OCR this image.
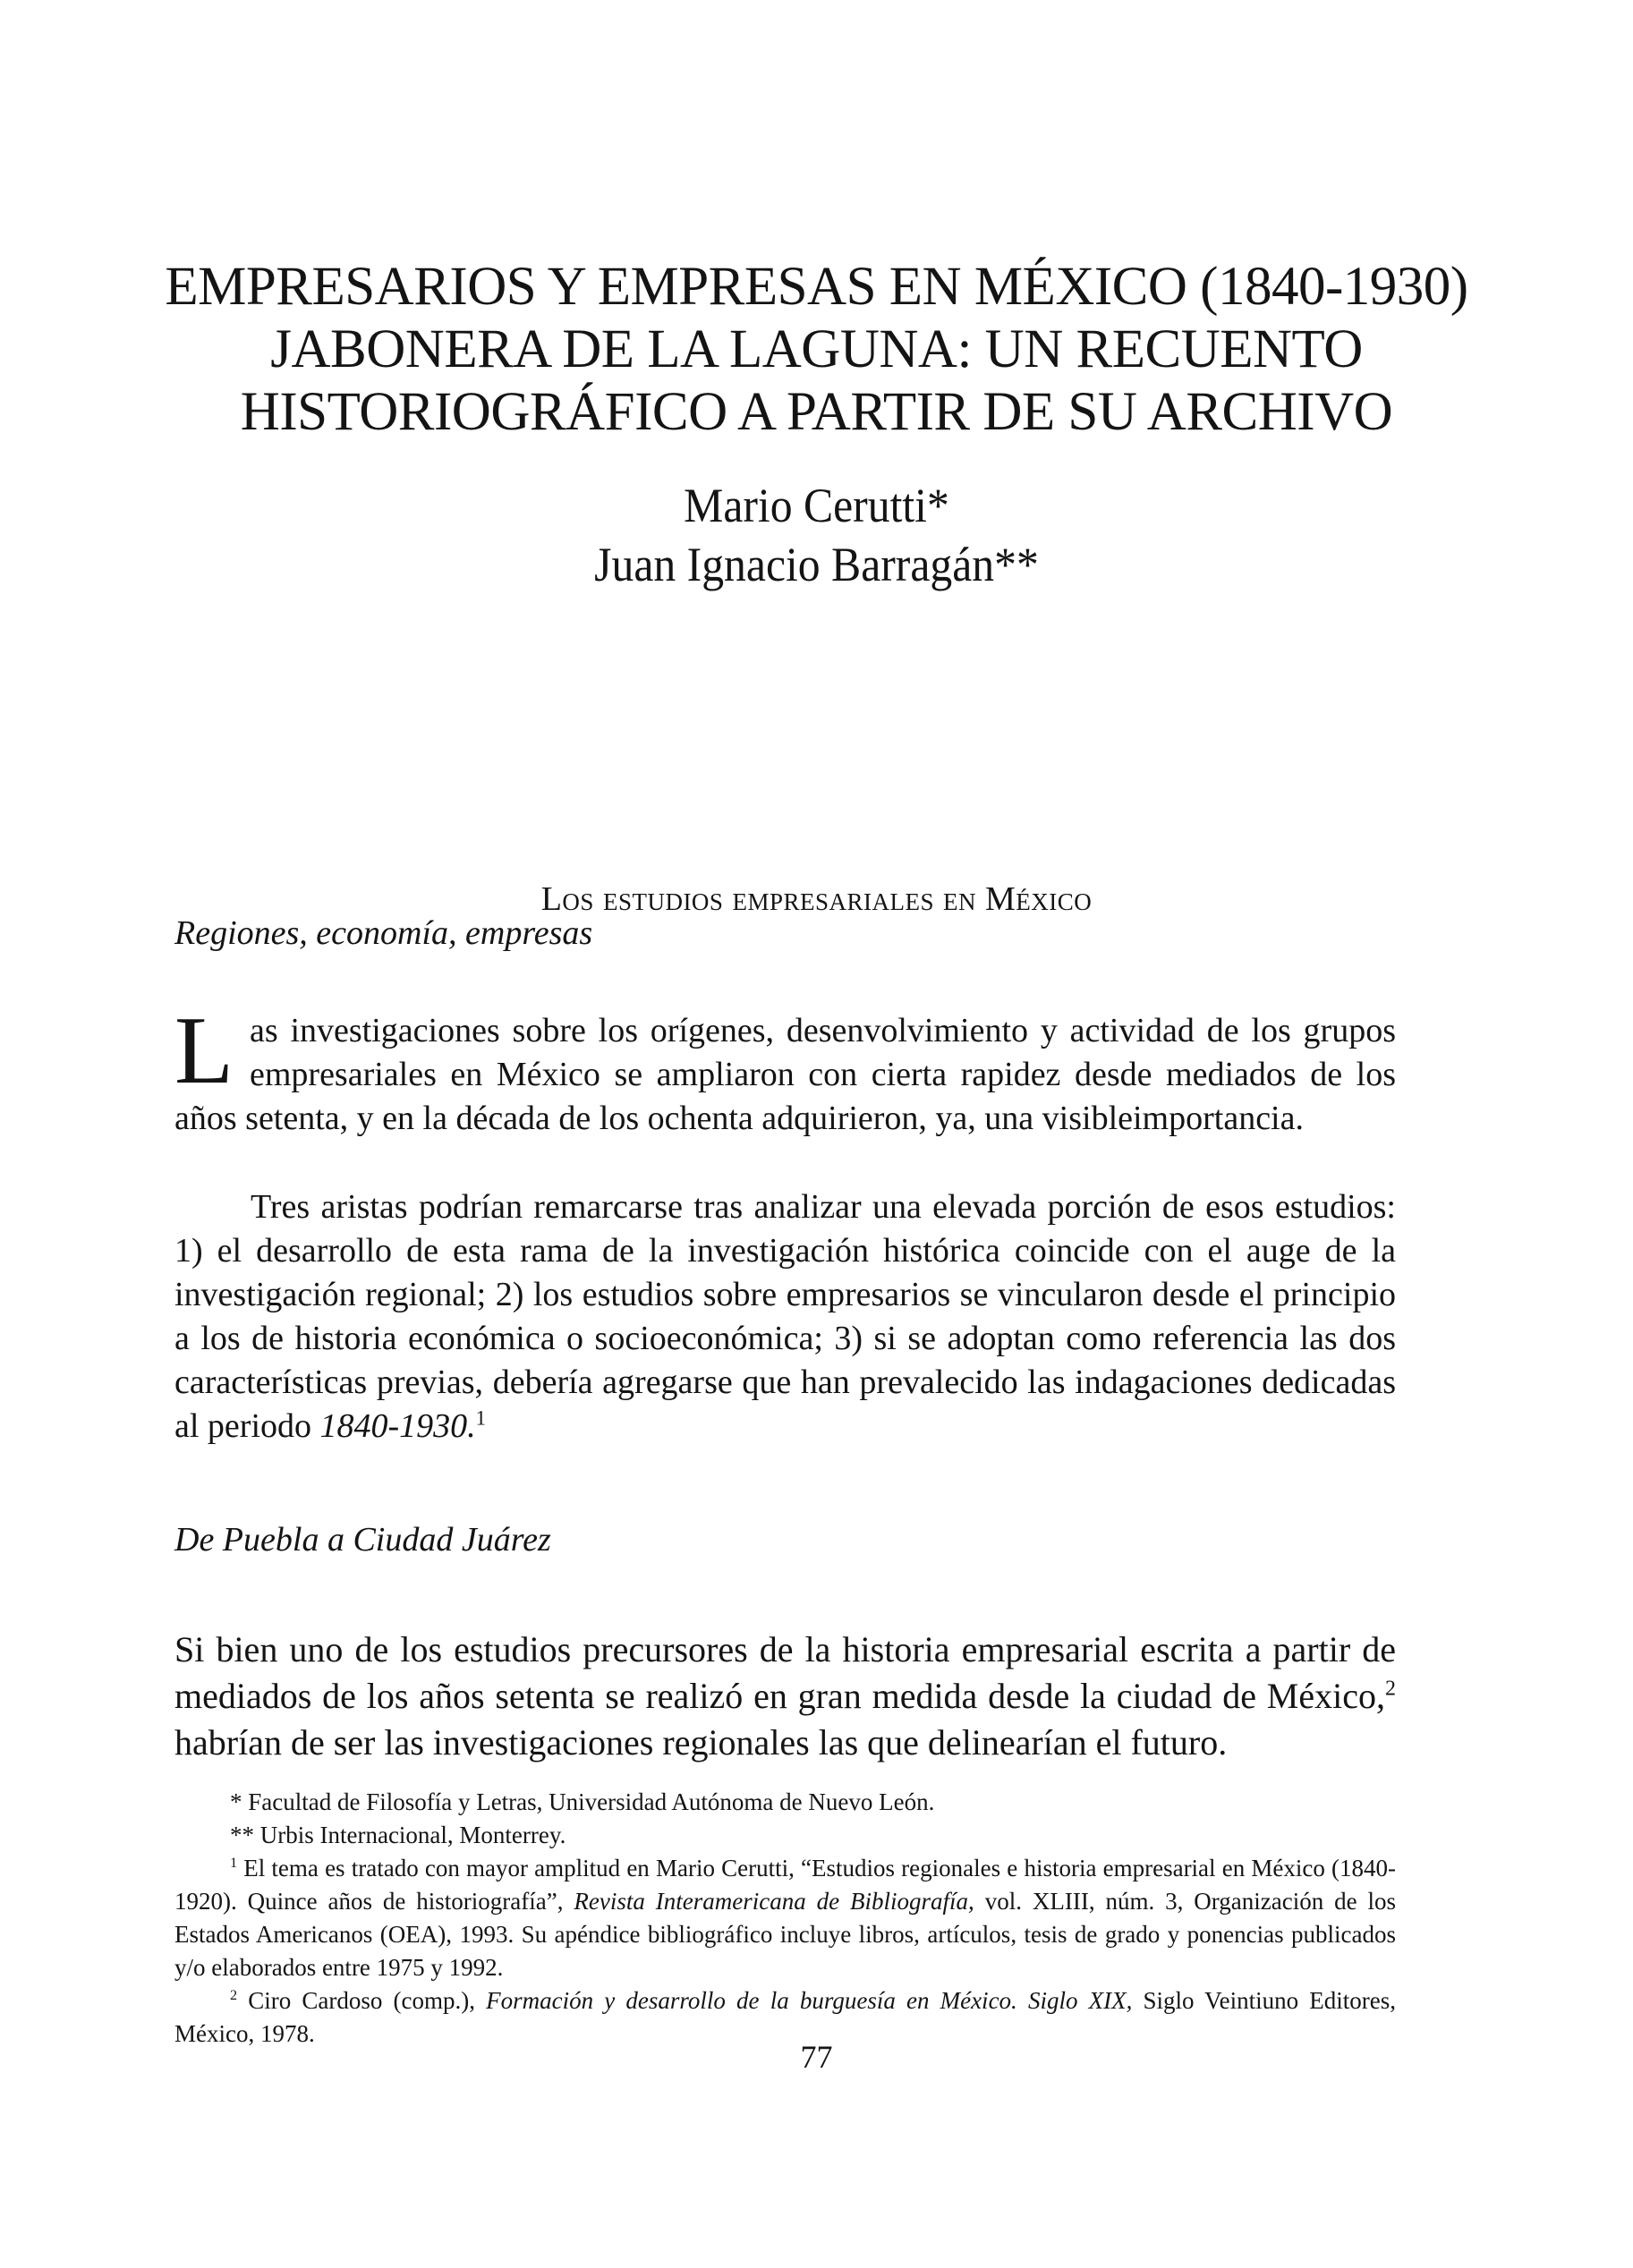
EMPRESARIOS Y EMPRESAS EN MÉXICO (1840-1930)
JABONERA DE LA LAGUNA: UN RECUENTO
HISTORIOGRÁFICO A PARTIR DE SU ARCHIVO
Mario Cerutti*
Juan Ignacio Barragán**
Los estudios empresariales en México
Regiones, economía, empresas
L as investigaciones sobre los orígenes, desenvolvimiento y actividad de los grupos empresariales en México se ampliaron con cierta rapidez desde mediados de los años setenta, y en la década de los ochenta adquirieron, ya, una visibleimportancia.
Tres aristas podrían remarcarse tras analizar una elevada porción de esos estudios: 1) el desarrollo de esta rama de la investigación histórica coincide con el auge de la investigación regional; 2) los estudios sobre empresarios se vincularon desde el principio a los de historia económica o socioeconómica; 3) si se adoptan como referencia las dos características previas, debería agregarse que han prevalecido las indagaciones dedicadas al periodo 1840-1930.$^1$
De Puebla a Ciudad Juárez
Si bien uno de los estudios precursores de la historia empresarial escrita a partir de mediados de los años setenta se realizó en gran medida desde la ciudad de México,$^2$ habrían de ser las investigaciones regionales las que delinearían el futuro.
* Facultad de Filosofía y Letras, Universidad Autónoma de Nuevo León.
** Urbis Internacional, Monterrey.
$^1$ El tema es tratado con mayor amplitud en Mario Cerutti, “Estudios regionales e historia empresarial en México (1840-1920). Quince años de historiografía”, Revista Interamericana de Bibliografía, vol. XLIII, núm. 3, Organización de los Estados Americanos (OEA), 1993. Su apéndice bibliográfico incluye libros, artículos, tesis de grado y ponencias publicados y/o elaborados entre 1975 y 1992.
$^2$ Ciro Cardoso (comp.), Formación y desarrollo de la burguesía en México. Siglo XIX, Siglo Veintiuno Editores, México, 1978.
77
